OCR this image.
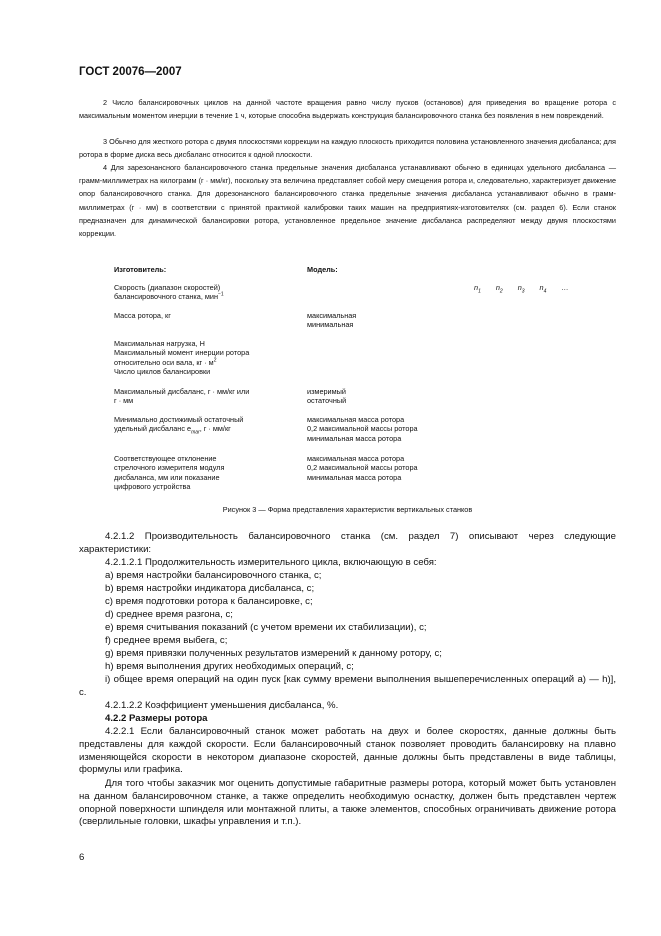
ГОСТ 20076—2007
2 Число балансировочных циклов на данной частоте вращения равно числу пусков (остановов) для приведения во вращение ротора с максимальным моментом инерции в течение 1 ч, которые способна выдержать конструкция балансировочного станка без появления в нем повреждений.
3 Обычно для жесткого ротора с двумя плоскостями коррекции на каждую плоскость приходится половина установленного значения дисбаланса; для ротора в форме диска весь дисбаланс относится к одной плоскости.
4 Для зарезонансного балансировочного станка предельные значения дисбаланса устанавливают обычно в единицах удельного дисбаланса — грамм-миллиметрах на килограмм (г · мм/кг), поскольку эта величина представляет собой меру смещения ротора и, следовательно, характеризует движение опор балансировочного станка. Для дорезонансного балансировочного станка предельные значения дисбаланса устанавливают обычно в грамм-миллиметрах (г · мм) в соответствии с принятой практикой калибровки таких машин на предприятиях-изготовителях (см. раздел 6). Если станок предназначен для динамической балансировки ротора, установленное предельное значение дисбаланса распределяют между двумя плоскостями коррекции.
Изготовитель:	Модель:
Скорость (диапазон скоростей)
балансировочного станка, мин$^{-1}$
$n_1$ $n_2$ $n_3$ $n_4$ …
Масса ротора, кг	максимальная
минимальная
Максимальная нагрузка, Н
Максимальный момент инерции ротора
относительно оси вала, кг · $м^2$
Число циклов балансировки
Максимальный дисбаланс, г · мм/кг или
г · мм
измеримый
остаточный
Минимально достижимый остаточный
удельный дисбаланс $e_{mar}$, г · мм/кг
максимальная масса ротора
0,2 максимальной массы ротора
минимальная масса ротора
Соответствующее отклонение
стрелочного измерителя модуля
дисбаланса, мм или показание
цифрового устройства
максимальная масса ротора
0,2 максимальной массы ротора
минимальная масса ротора
Рисунок 3 — Форма представления характеристик вертикальных станков
4.2.1.2 Производительность балансировочного станка (см. раздел 7) описывают через следующие характеристики:
4.2.1.2.1 Продолжительность измерительного цикла, включающую в себя:
a) время настройки балансировочного станка, с;
b) время настройки индикатора дисбаланса, с;
c) время подготовки ротора к балансировке, с;
d) среднее время разгона, с;
e) время считывания показаний (с учетом времени их стабилизации), с;
f) среднее время выбега, с;
g) время привязки полученных результатов измерений к данному ротору, с;
h) время выполнения других необходимых операций, с;
i) общее время операций на один пуск [как сумму времени выполнения вышеперечисленных операций a) — h)], с.
4.2.1.2.2 Коэффициент уменьшения дисбаланса, %.
4.2.2 Размеры ротора
4.2.2.1 Если балансировочный станок может работать на двух и более скоростях, данные должны быть представлены для каждой скорости. Если балансировочный станок позволяет проводить балансировку на плавно изменяющейся скорости в некотором диапазоне скоростей, данные должны быть представлены в виде таблицы, формулы или графика.
Для того чтобы заказчик мог оценить допустимые габаритные размеры ротора, который может быть установлен на данном балансировочном станке, а также определить необходимую оснастку, должен быть представлен чертеж опорной поверхности шпинделя или монтажной плиты, а также элементов, способных ограничивать движение ротора (сверлильные головки, шкафы управления и т.п.).
6
